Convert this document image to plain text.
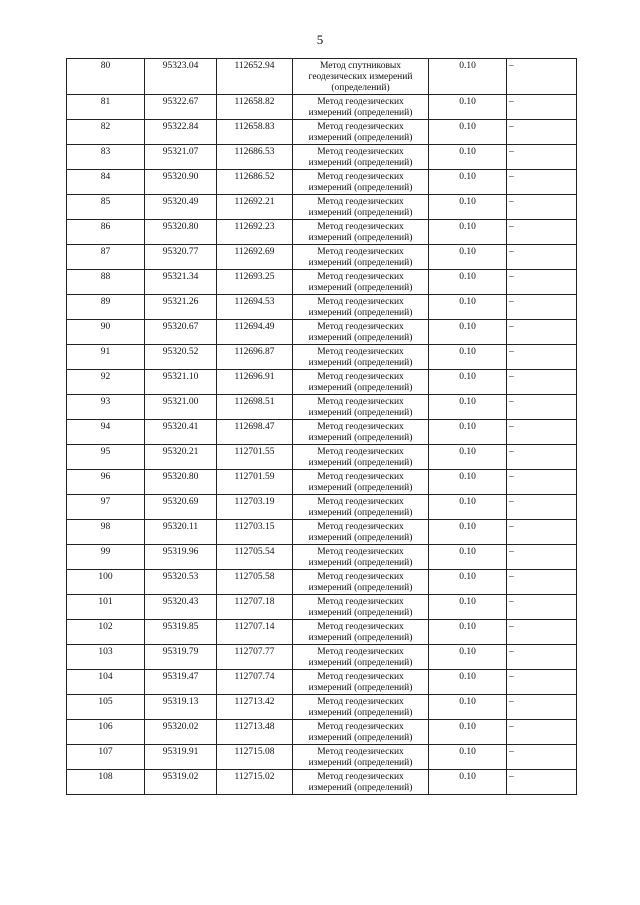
5
80	95323.04	112652.94	Метод спутниковых геодезических измерений (определений)	0.10	–
81	95322.67	112658.82	Метод геодезических измерений (определений)	0.10	–
82	95322.84	112658.83	Метод геодезических измерений (определений)	0.10	–
83	95321.07	112686.53	Метод геодезических измерений (определений)	0.10	–
84	95320.90	112686.52	Метод геодезических измерений (определений)	0.10	–
85	95320.49	112692.21	Метод геодезических измерений (определений)	0.10	–
86	95320.80	112692.23	Метод геодезических измерений (определений)	0.10	–
87	95320.77	112692.69	Метод геодезических измерений (определений)	0.10	–
88	95321.34	112693.25	Метод геодезических измерений (определений)	0.10	–
89	95321.26	112694.53	Метод геодезических измерений (определений)	0.10	–
90	95320.67	112694.49	Метод геодезических измерений (определений)	0.10	–
91	95320.52	112696.87	Метод геодезических измерений (определений)	0.10	–
92	95321.10	112696.91	Метод геодезических измерений (определений)	0.10	–
93	95321.00	112698.51	Метод геодезических измерений (определений)	0.10	–
94	95320.41	112698.47	Метод геодезических измерений (определений)	0.10	–
95	95320.21	112701.55	Метод геодезических измерений (определений)	0.10	–
96	95320.80	112701.59	Метод геодезических измерений (определений)	0.10	–
97	95320.69	112703.19	Метод геодезических измерений (определений)	0.10	–
98	95320.11	112703.15	Метод геодезических измерений (определений)	0.10	–
99	95319.96	112705.54	Метод геодезических измерений (определений)	0.10	–
100	95320.53	112705.58	Метод геодезических измерений (определений)	0.10	–
101	95320.43	112707.18	Метод геодезических измерений (определений)	0.10	–
102	95319.85	112707.14	Метод геодезических измерений (определений)	0.10	–
103	95319.79	112707.77	Метод геодезических измерений (определений)	0.10	–
104	95319.47	112707.74	Метод геодезических измерений (определений)	0.10	–
105	95319.13	112713.42	Метод геодезических измерений (определений)	0.10	–
106	95320.02	112713.48	Метод геодезических измерений (определений)	0.10	–
107	95319.91	112715.08	Метод геодезических измерений (определений)	0.10	–
108	95319.02	112715.02	Метод геодезических измерений (определений)	0.10	–
